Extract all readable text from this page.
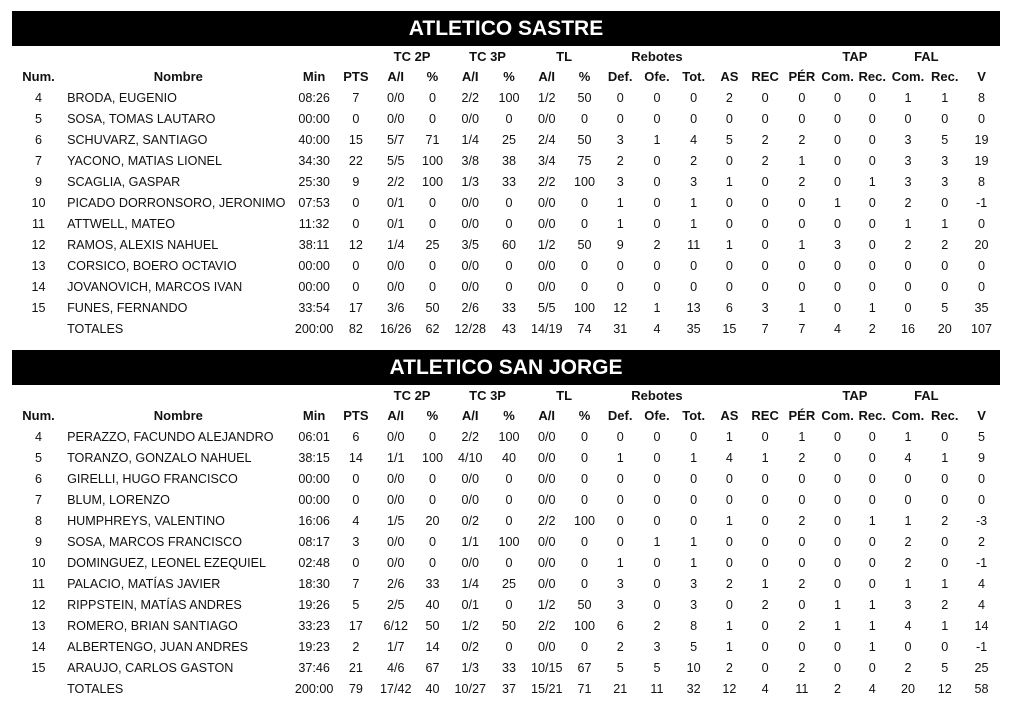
ATLETICO SASTRE
				TC 2P		TC 3P		TL		Rebotes						TAP		FAL		
Num.	Nombre	Min	PTS	A/I	%	A/I	%	A/I	%	Def.	Ofe.	Tot.	AS	REC	PÉR	Com.	Rec.	Com.	Rec.	V
4	BRODA, EUGENIO	08:26	7	0/0	0	2/2	100	1/2	50	0	0	0	2	0	0	0	0	1	1	8
5	SOSA, TOMAS LAUTARO	00:00	0	0/0	0	0/0	0	0/0	0	0	0	0	0	0	0	0	0	0	0	0
6	SCHUVARZ, SANTIAGO	40:00	15	5/7	71	1/4	25	2/4	50	3	1	4	5	2	2	0	0	3	5	19
7	YACONO, MATIAS LIONEL	34:30	22	5/5	100	3/8	38	3/4	75	2	0	2	0	2	1	0	0	3	3	19
9	SCAGLIA, GASPAR	25:30	9	2/2	100	1/3	33	2/2	100	3	0	3	1	0	2	0	1	3	3	8
10	PICADO DORRONSORO, JERONIMO	07:53	0	0/1	0	0/0	0	0/0	0	1	0	1	0	0	0	1	0	2	0	-1
11	ATTWELL, MATEO	11:32	0	0/1	0	0/0	0	0/0	0	1	0	1	0	0	0	0	0	1	1	0
12	RAMOS, ALEXIS NAHUEL	38:11	12	1/4	25	3/5	60	1/2	50	9	2	11	1	0	1	3	0	2	2	20
13	CORSICO, BOERO OCTAVIO	00:00	0	0/0	0	0/0	0	0/0	0	0	0	0	0	0	0	0	0	0	0	0
14	JOVANOVICH, MARCOS IVAN	00:00	0	0/0	0	0/0	0	0/0	0	0	0	0	0	0	0	0	0	0	0	0
15	FUNES, FERNANDO	33:54	17	3/6	50	2/6	33	5/5	100	12	1	13	6	3	1	0	1	0	5	35
	TOTALES	200:00	82	16/26	62	12/28	43	14/19	74	31	4	35	15	7	7	4	2	16	20	107
ATLETICO SAN JORGE
				TC 2P		TC 3P		TL		Rebotes						TAP		FAL		
Num.	Nombre	Min	PTS	A/I	%	A/I	%	A/I	%	Def.	Ofe.	Tot.	AS	REC	PÉR	Com.	Rec.	Com.	Rec.	V
4	PERAZZO, FACUNDO ALEJANDRO	06:01	6	0/0	0	2/2	100	0/0	0	0	0	0	1	0	1	0	0	1	0	5
5	TORANZO, GONZALO NAHUEL	38:15	14	1/1	100	4/10	40	0/0	0	1	0	1	4	1	2	0	0	4	1	9
6	GIRELLI, HUGO FRANCISCO	00:00	0	0/0	0	0/0	0	0/0	0	0	0	0	0	0	0	0	0	0	0	0
7	BLUM, LORENZO	00:00	0	0/0	0	0/0	0	0/0	0	0	0	0	0	0	0	0	0	0	0	0
8	HUMPHREYS, VALENTINO	16:06	4	1/5	20	0/2	0	2/2	100	0	0	0	1	0	2	0	1	1	2	-3
9	SOSA, MARCOS FRANCISCO	08:17	3	0/0	0	1/1	100	0/0	0	0	1	1	0	0	0	0	0	2	0	2
10	DOMINGUEZ, LEONEL EZEQUIEL	02:48	0	0/0	0	0/0	0	0/0	0	1	0	1	0	0	0	0	0	2	0	-1
11	PALACIO, MATÍAS JAVIER	18:30	7	2/6	33	1/4	25	0/0	0	3	0	3	2	1	2	0	0	1	1	4
12	RIPPSTEIN, MATÍAS ANDRES	19:26	5	2/5	40	0/1	0	1/2	50	3	0	3	0	2	0	1	1	3	2	4
13	ROMERO, BRIAN SANTIAGO	33:23	17	6/12	50	1/2	50	2/2	100	6	2	8	1	0	2	1	1	4	1	14
14	ALBERTENGO, JUAN ANDRES	19:23	2	1/7	14	0/2	0	0/0	0	2	3	5	1	0	0	0	1	0	0	-1
15	ARAUJO, CARLOS GASTON	37:46	21	4/6	67	1/3	33	10/15	67	5	5	10	2	0	2	0	0	2	5	25
	TOTALES	200:00	79	17/42	40	10/27	37	15/21	71	21	11	32	12	4	11	2	4	20	12	58
